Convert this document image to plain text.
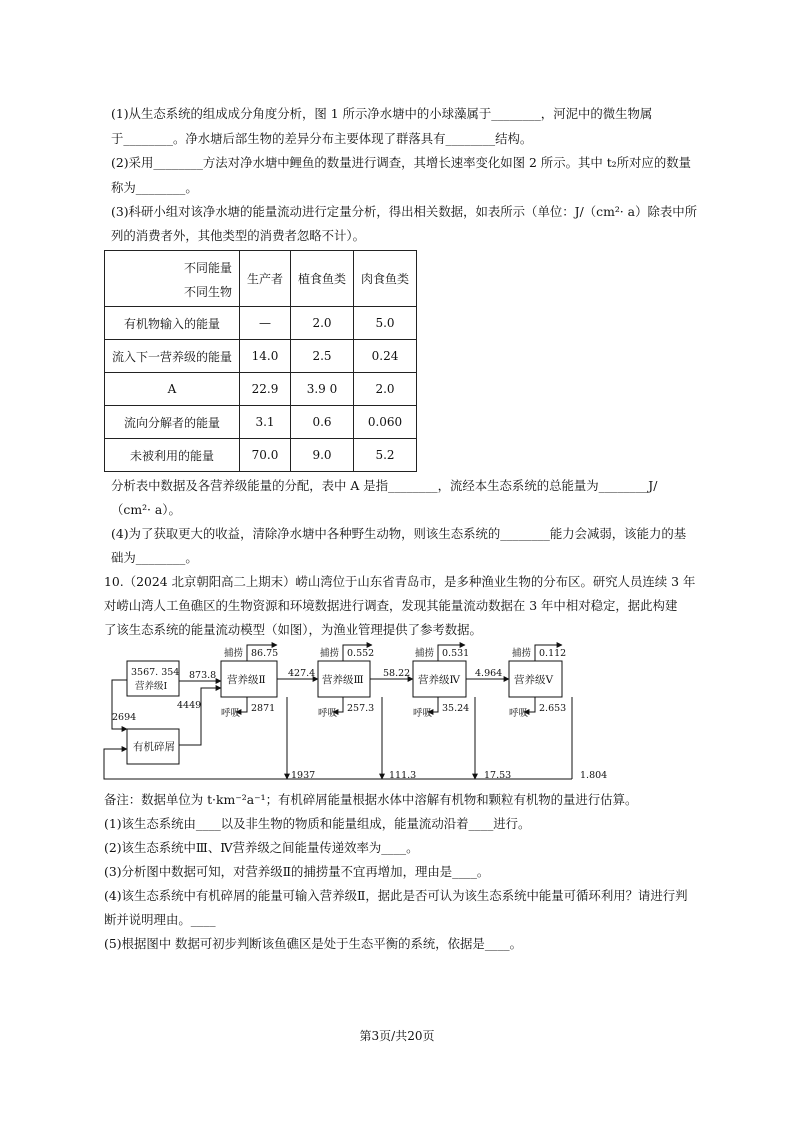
(1)从生态系统的组成成分角度分析，图 1 所示净水塘中的小球藻属于________，河泥中的微生物属
于________。净水塘后部生物的差异分布主要体现了群落具有________结构。
(2)采用________方法对净水塘中鲤鱼的数量进行调查，其增长速率变化如图 2 所示。其中 t₂所对应的数量
称为________。
(3)科研小组对该净水塘的能量流动进行定量分析，得出相关数据，如表所示（单位：J/（cm²· a）除表中所
列的消费者外，其他类型的消费者忽略不计）。
不同能量
不同生物	生产者	植食鱼类	肉食鱼类
有机物输入的能量	—	2.0	5.0
流入下一营养级的能量	14.0	2.5	0.24
A	22.9	3.9 0	2.0
流向分解者的能量	3.1	0.6	0.060
未被利用的能量	70.0	9.0	5.2
分析表中数据及各营养级能量的分配，表中 A 是指________，流经本生态系统的总能量为________J/
（cm²· a）。
(4)为了获取更大的收益，清除净水塘中各种野生动物，则该生态系统的________能力会减弱，该能力的基
础为________。
10.（2024 北京朝阳高二上期末）崂山湾位于山东省青岛市，是多种渔业生物的分布区。研究人员连续 3 年
对崂山湾人工鱼礁区的生物资源和环境数据进行调查，发现其能量流动数据在 3 年中相对稳定，据此构建
了该生态系统的能量流动模型（如图），为渔业管理提供了参考数据。
3567. 354
营养级Ⅰ
有机碎屑
营养级Ⅱ	营养级Ⅲ	营养级Ⅳ	营养级Ⅴ
873.8
2694
4449
427.4	58.22	4.964
捕捞 86.75	捕捞 0.552	捕捞 0.531	捕捞 0.112
呼吸 2871	呼吸 257.3	呼吸 35.24	呼吸 2.653
1937	111.3	17.53	1.804
备注：数据单位为 t·km⁻²a⁻¹；有机碎屑能量根据水体中溶解有机物和颗粒有机物的量进行估算。
(1)该生态系统由____以及非生物的物质和能量组成，能量流动沿着____进行。
(2)该生态系统中Ⅲ、Ⅳ营养级之间能量传递效率为____。
(3)分析图中数据可知，对营养级Ⅱ的捕捞量不宜再增加，理由是____。
(4)该生态系统中有机碎屑的能量可输入营养级Ⅱ，据此是否可认为该生态系统中能量可循环利用？请进行判
断并说明理由。____
(5)根据图中 数据可初步判断该鱼礁区是处于生态平衡的系统，依据是____。
第3页/共20页
